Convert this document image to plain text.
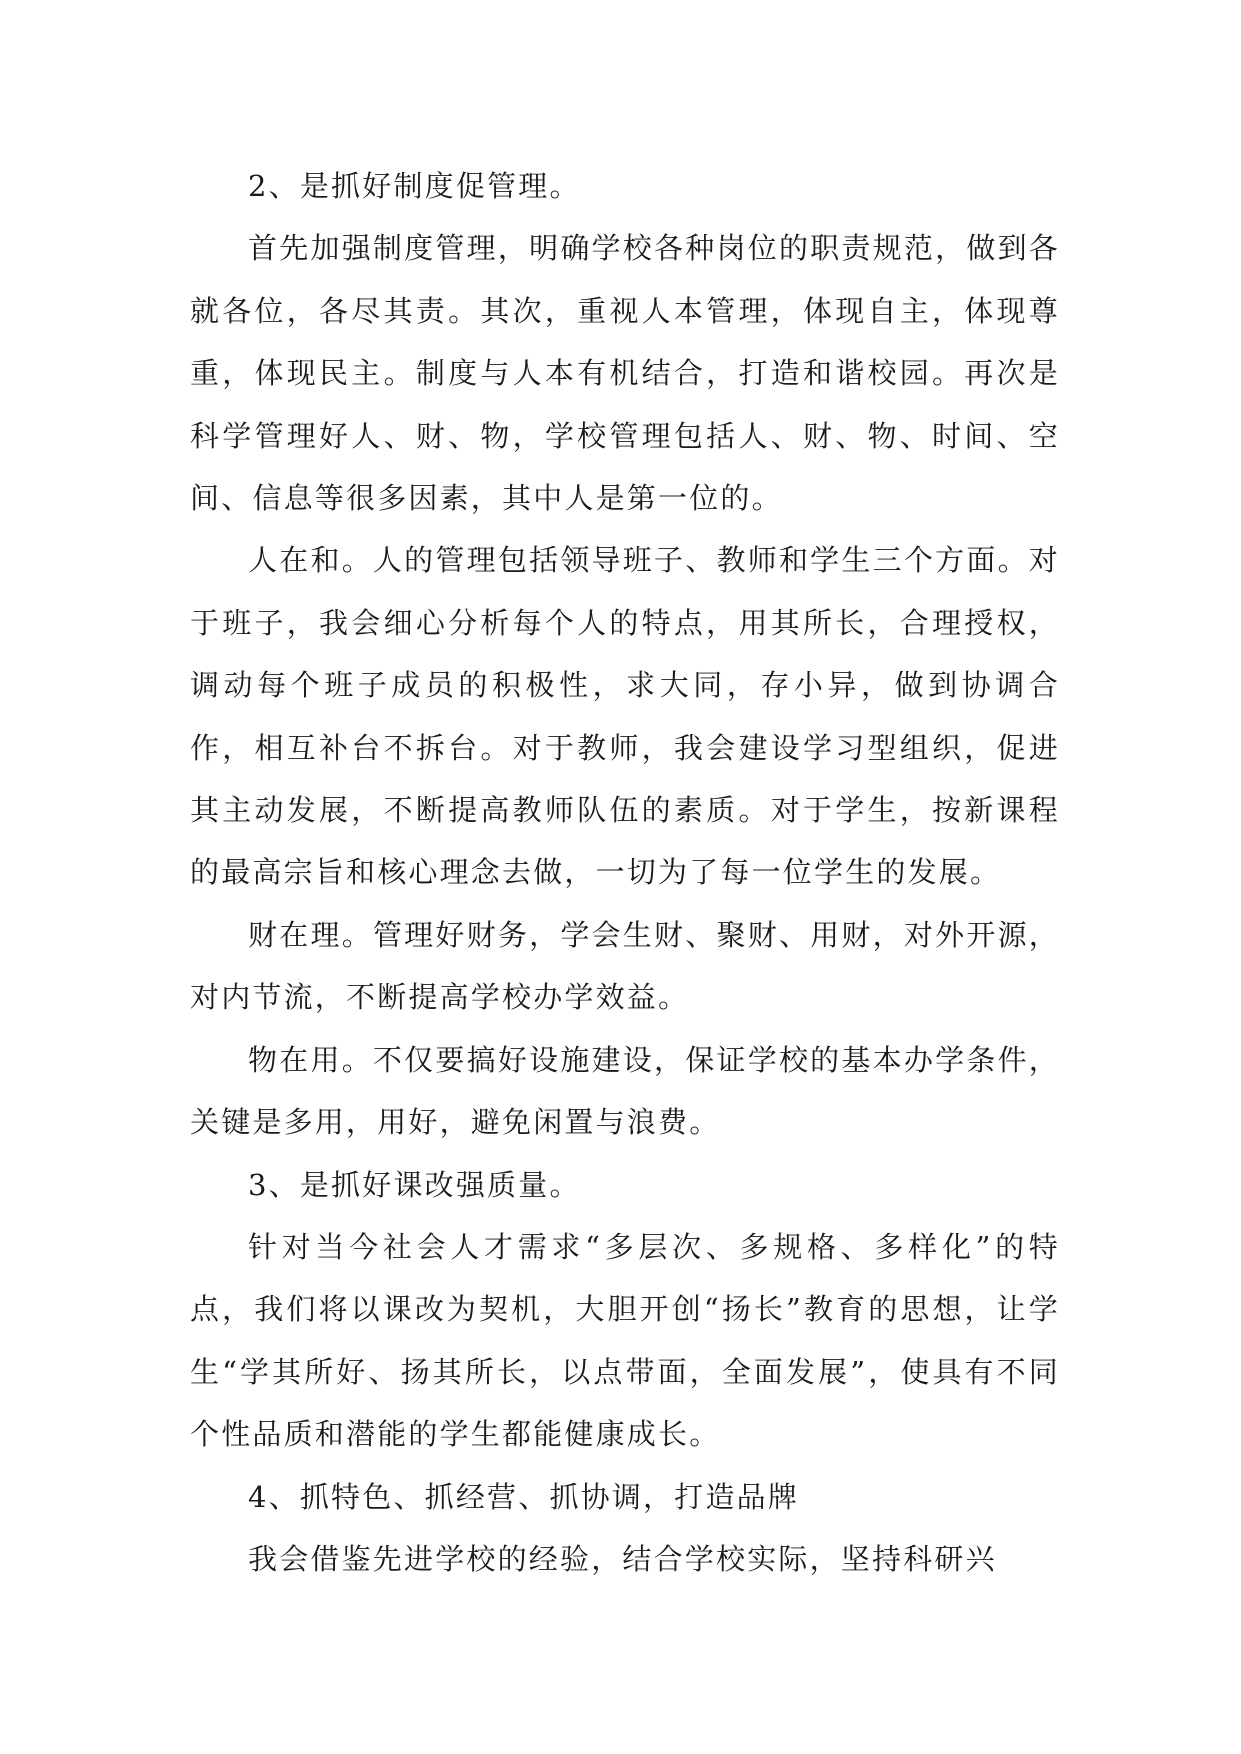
2、是抓好制度促管理。

首先加强制度管理，明确学校各种岗位的职责规范，做到各就各位，各尽其责。其次，重视人本管理，体现自主，体现尊重，体现民主。制度与人本有机结合，打造和谐校园。再次是科学管理好人、财、物，学校管理包括人、财、物、时间、空间、信息等很多因素，其中人是第一位的。

人在和。人的管理包括领导班子、教师和学生三个方面。对于班子，我会细心分析每个人的特点，用其所长，合理授权，调动每个班子成员的积极性，求大同，存小异，做到协调合作，相互补台不拆台。对于教师，我会建设学习型组织，促进其主动发展，不断提高教师队伍的素质。对于学生，按新课程的最高宗旨和核心理念去做，一切为了每一位学生的发展。

财在理。管理好财务，学会生财、聚财、用财，对外开源，对内节流，不断提高学校办学效益。

物在用。不仅要搞好设施建设，保证学校的基本办学条件，关键是多用，用好，避免闲置与浪费。

3、是抓好课改强质量。

针对当今社会人才需求“多层次、多规格、多样化”的特点，我们将以课改为契机，大胆开创“扬长”教育的思想，让学生“学其所好、扬其所长，以点带面，全面发展”，使具有不同个性品质和潜能的学生都能健康成长。

4、抓特色、抓经营、抓协调，打造品牌

我会借鉴先进学校的经验，结合学校实际，坚持科研兴
